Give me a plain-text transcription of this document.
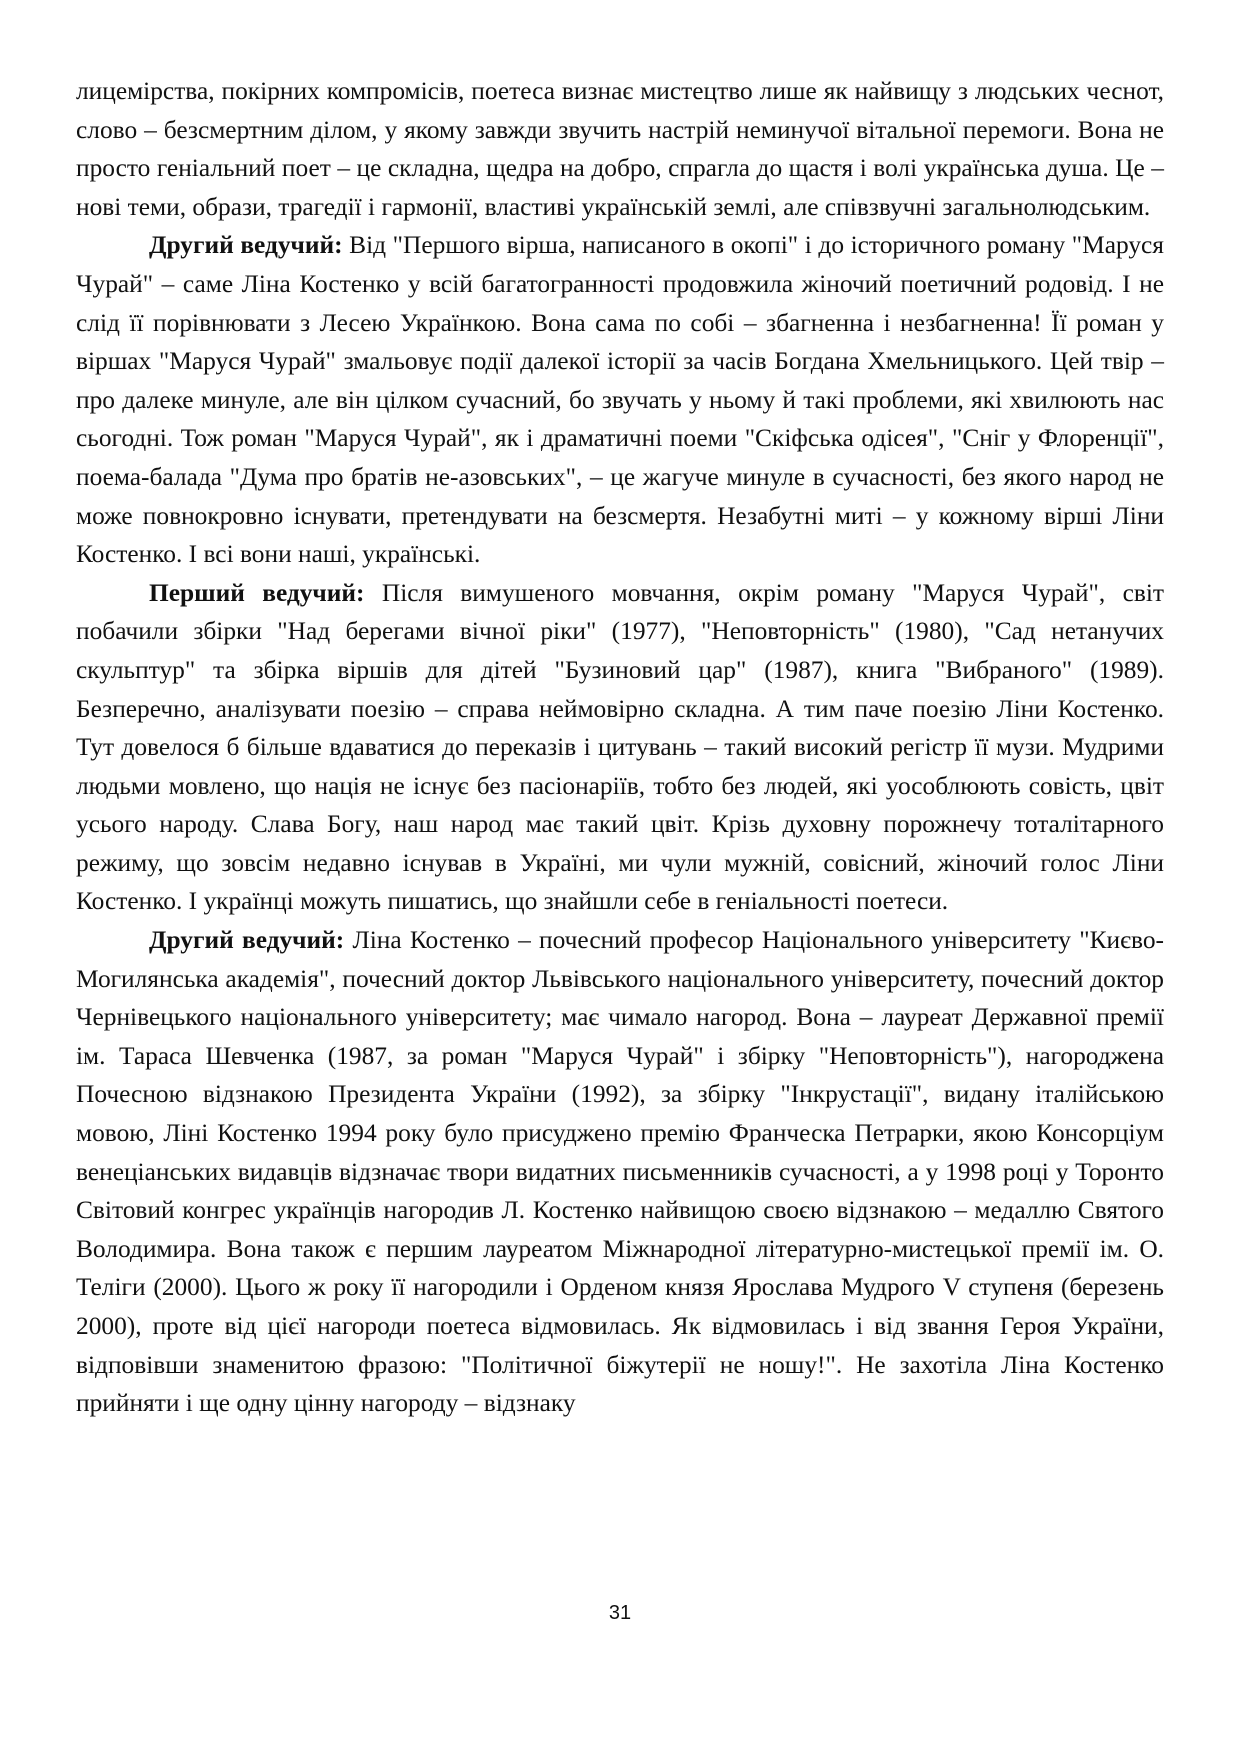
лицемірства, покірних компромісів, поетеса визнає мистецтво лише як найвищу з людських чеснот, слово – безсмертним ділом, у якому завжди звучить настрій неминучої вітальної перемоги. Вона не просто геніальний поет – це складна, щедра на добро, спрагла до щастя і волі українська душа. Це – нові теми, образи, трагедії і гармонії, властиві українській землі, але співзвучні загальнолюдським.

Другий ведучий: Від "Першого вірша, написаного в окопі" і до історичного роману "Маруся Чурай" – саме Ліна Костенко у всій багатогранності продовжила жіночий поетичний родовід. І не слід її порівнювати з Лесею Українкою. Вона сама по собі – збагненна і незбагненна! Її роман у віршах "Маруся Чурай" змальовує події далекої історії за часів Богдана Хмельницького. Цей твір – про далеке минуле, але він цілком сучасний, бо звучать у ньому й такі проблеми, які хвилюють нас сьогодні. Тож роман "Маруся Чурай", як і драматичні поеми "Скіфська одісея", "Сніг у Флоренції", поема-балада "Дума про братів не-азовських", – це жагуче минуле в сучасності, без якого народ не може повнокровно існувати, претендувати на безсмертя. Незабутні миті – у кожному вірші Ліни Костенко. І всі вони наші, українські.

Перший ведучий: Після вимушеного мовчання, окрім роману "Маруся Чурай", світ побачили збірки "Над берегами вічної ріки" (1977), "Неповторність" (1980), "Сад нетанучих скульптур" та збірка віршів для дітей "Бузиновий цар" (1987), книга "Вибраного" (1989). Безперечно, аналізувати поезію – справа неймовірно складна. А тим паче поезію Ліни Костенко. Тут довелося б більше вдаватися до переказів і цитувань – такий високий регістр її музи. Мудрими людьми мовлено, що нація не існує без пасіонаріїв, тобто без людей, які уособлюють совість, цвіт усього народу. Слава Богу, наш народ має такий цвіт. Крізь духовну порожнечу тоталітарного режиму, що зовсім недавно існував в Україні, ми чули мужній, совісний, жіночий голос Ліни Костенко. І українці можуть пишатись, що знайшли себе в геніальності поетеси.

Другий ведучий: Ліна Костенко – почесний професор Національного університету "Києво-Могилянська академія", почесний доктор Львівського національного університету, почесний доктор Чернівецького національного університету; має чимало нагород. Вона – лауреат Державної премії ім. Тараса Шевченка (1987, за роман "Маруся Чурай" і збірку "Неповторність"), нагороджена Почесною відзнакою Президента України (1992), за збірку "Інкрустації", видану італійською мовою, Ліні Костенко 1994 року було присуджено премію Франческа Петрарки, якою Консорціум венеціанських видавців відзначає твори видатних письменників сучасності, а у 1998 році у Торонто Світовий конгрес українців нагородив Л. Костенко найвищою своєю відзнакою – медаллю Святого Володимира. Вона також є першим лауреатом Міжнародної літературно-мистецької премії ім. О. Теліги (2000). Цього ж року її нагородили і Орденом князя Ярослава Мудрого V ступеня (березень 2000), проте від цієї нагороди поетеса відмовилась. Як відмовилась і від звання Героя України, відповівши знаменитою фразою: "Політичної біжутерії не ношу!". Не захотіла Ліна Костенко прийняти і ще одну цінну нагороду – відзнаку

31
